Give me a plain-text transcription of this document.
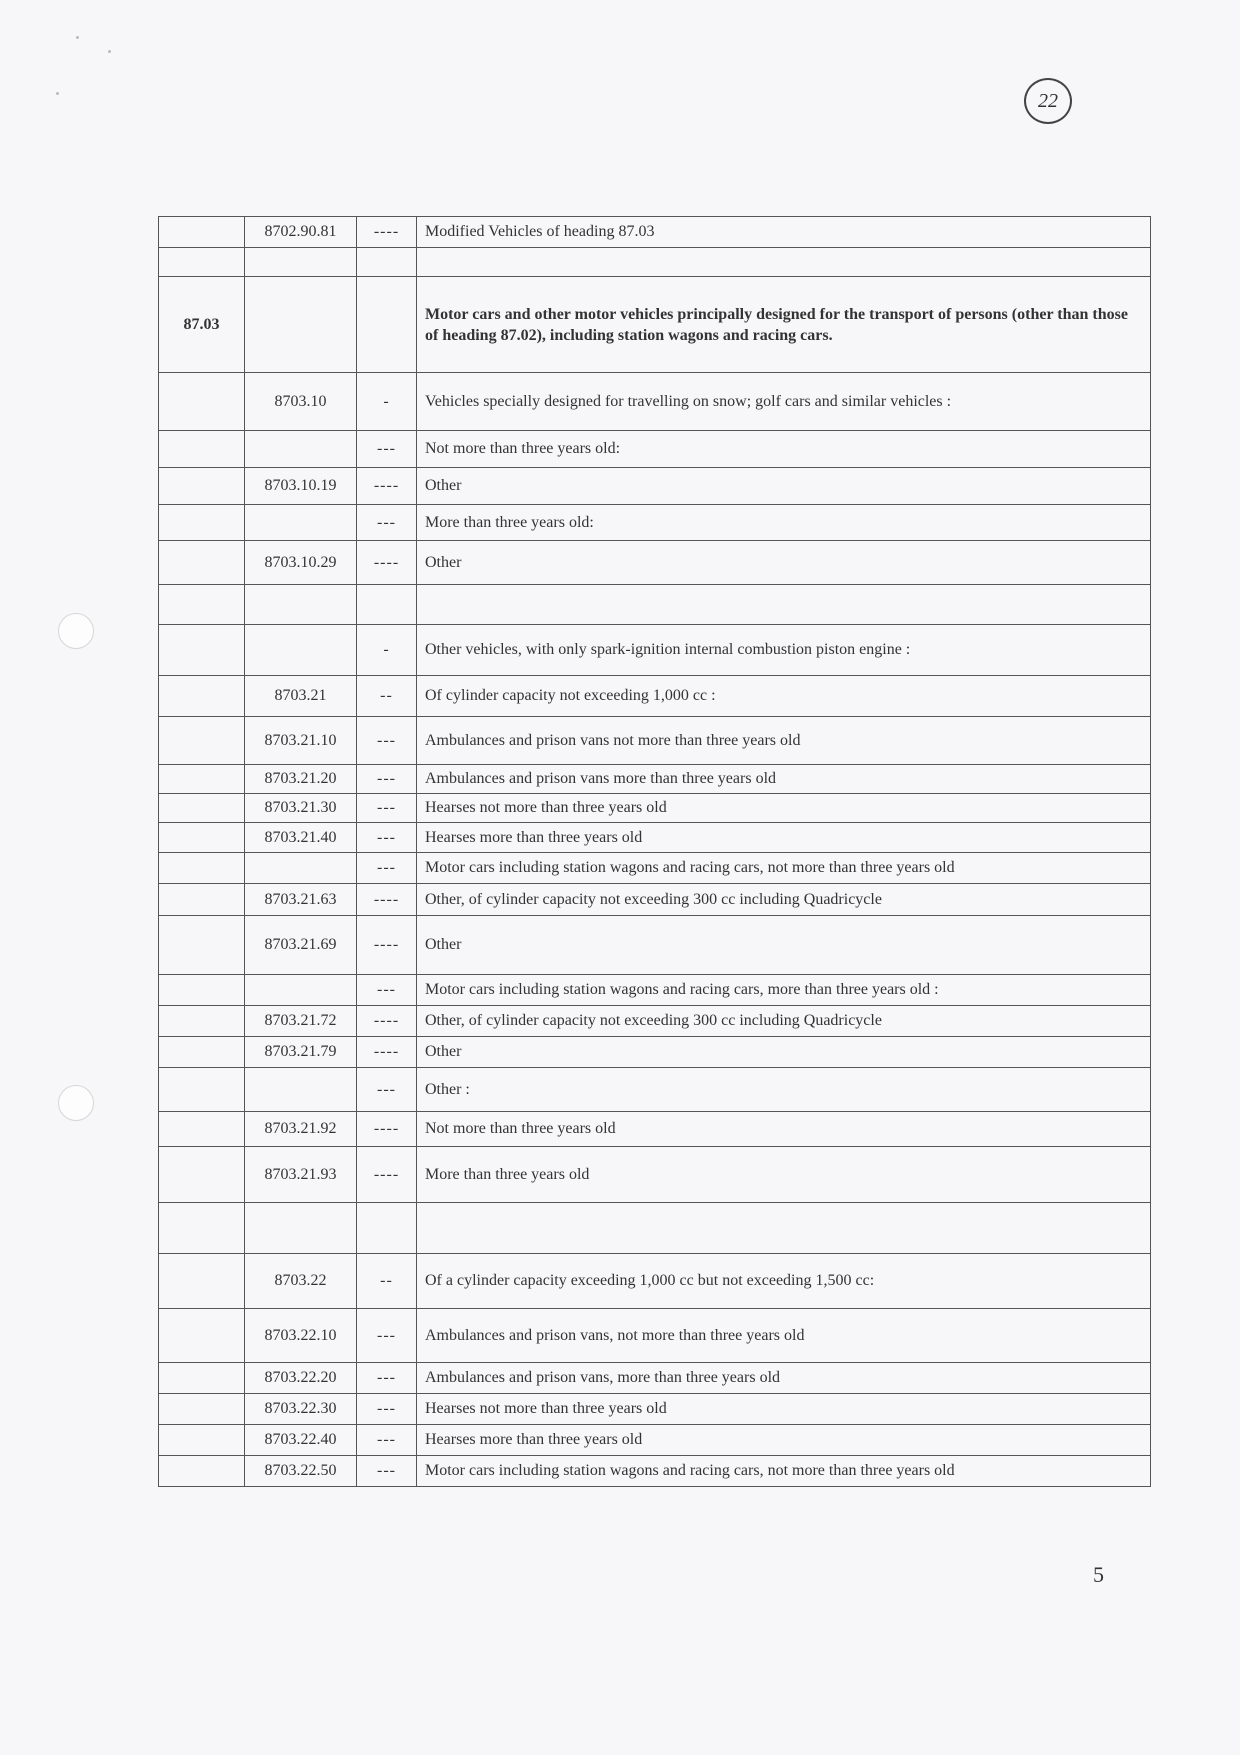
22
	8702.90.81	----	Modified Vehicles of heading 87.03

87.03			Motor cars and other motor vehicles principally designed for the transport of persons (other than those of heading 87.02), including station wagons and racing cars.
	8703.10	-	Vehicles specially designed for travelling on snow; golf cars and similar vehicles :
		---	Not more than three years old:
	8703.10.19	----	Other
		---	More than three years old:
	8703.10.29	----	Other

		-	Other vehicles, with only spark-ignition internal combustion piston engine :
	8703.21	--	Of cylinder capacity not exceeding 1,000 cc :
	8703.21.10	---	Ambulances and prison vans not more than three years old
	8703.21.20	---	Ambulances and prison vans more than three years old
	8703.21.30	---	Hearses not more than three years old
	8703.21.40	---	Hearses more than three years old
		---	Motor cars including station wagons and racing cars, not more than three years old
	8703.21.63	----	Other, of cylinder capacity not exceeding 300 cc including Quadricycle
	8703.21.69	----	Other
		---	Motor cars including station wagons and racing cars, more than three years old :
	8703.21.72	----	Other, of cylinder capacity not exceeding 300 cc including Quadricycle
	8703.21.79	----	Other
		---	Other :
	8703.21.92	----	Not more than three years old
	8703.21.93	----	More than three years old

	8703.22	--	Of a cylinder capacity exceeding 1,000 cc but not exceeding 1,500 cc:
	8703.22.10	---	Ambulances and prison vans, not more than three years old
	8703.22.20	---	Ambulances and prison vans, more than three years old
	8703.22.30	---	Hearses not more than three years old
	8703.22.40	---	Hearses more than three years old
	8703.22.50	---	Motor cars including station wagons and racing cars, not more than three years old
5
